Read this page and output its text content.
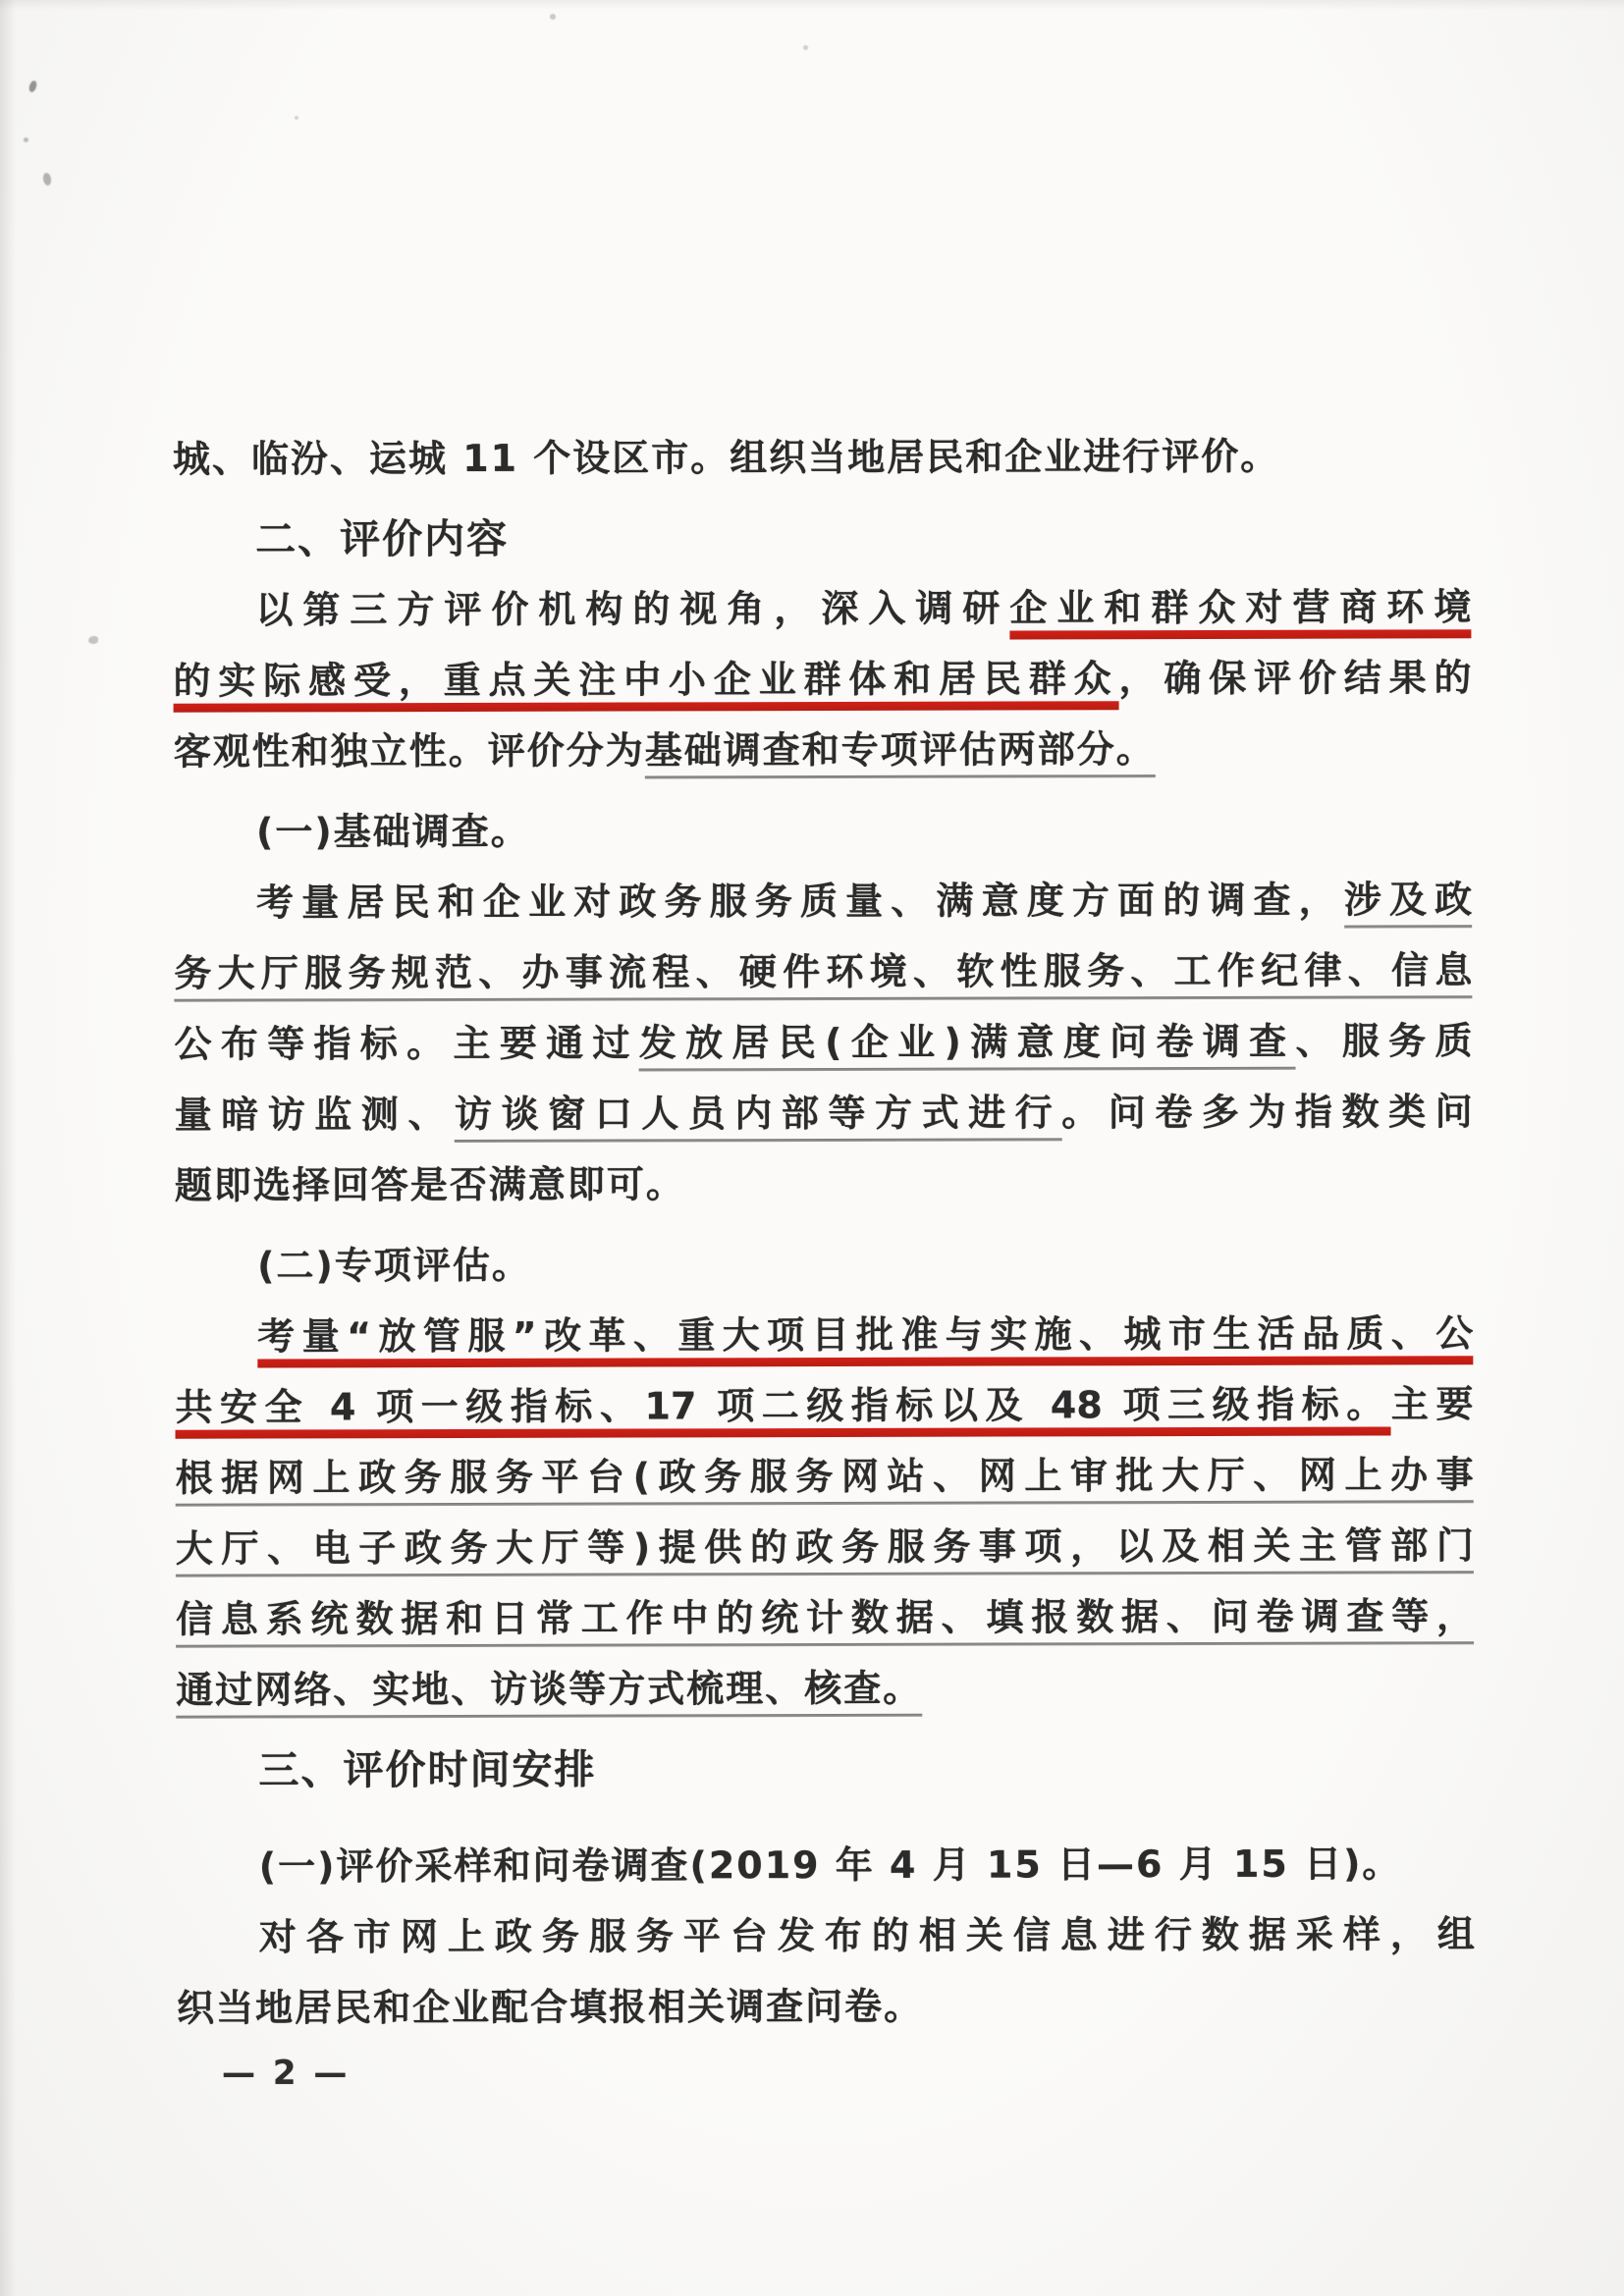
城、临汾、运城 11 个设区市。组织当地居民和企业进行评价。
二、评价内容
以第三方评价机构的视角，深入调研企业和群众对营商环境
的实际感受，重点关注中小企业群体和居民群众，确保评价结果的
客观性和独立性。评价分为基础调查和专项评估两部分。
(一)基础调查。
考量居民和企业对政务服务质量、满意度方面的调查，涉及政
务大厅服务规范、办事流程、硬件环境、软性服务、工作纪律、信息
公布等指标。主要通过发放居民(企业)满意度问卷调查、服务质
量暗访监测、访谈窗口人员内部等方式进行。问卷多为指数类问
题即选择回答是否满意即可。
(二)专项评估。
考量“放管服”改革、重大项目批准与实施、城市生活品质、公
共安全 4 项一级指标、17 项二级指标以及 48 项三级指标。主要
根据网上政务服务平台(政务服务网站、网上审批大厅、网上办事
大厅、电子政务大厅等)提供的政务服务事项，以及相关主管部门
信息系统数据和日常工作中的统计数据、填报数据、问卷调查等，
通过网络、实地、访谈等方式梳理、核查。
三、评价时间安排
(一)评价采样和问卷调查(2019 年 4 月 15 日—6 月 15 日)。
对各市网上政务服务平台发布的相关信息进行数据采样，组
织当地居民和企业配合填报相关调查问卷。
— 2 —
